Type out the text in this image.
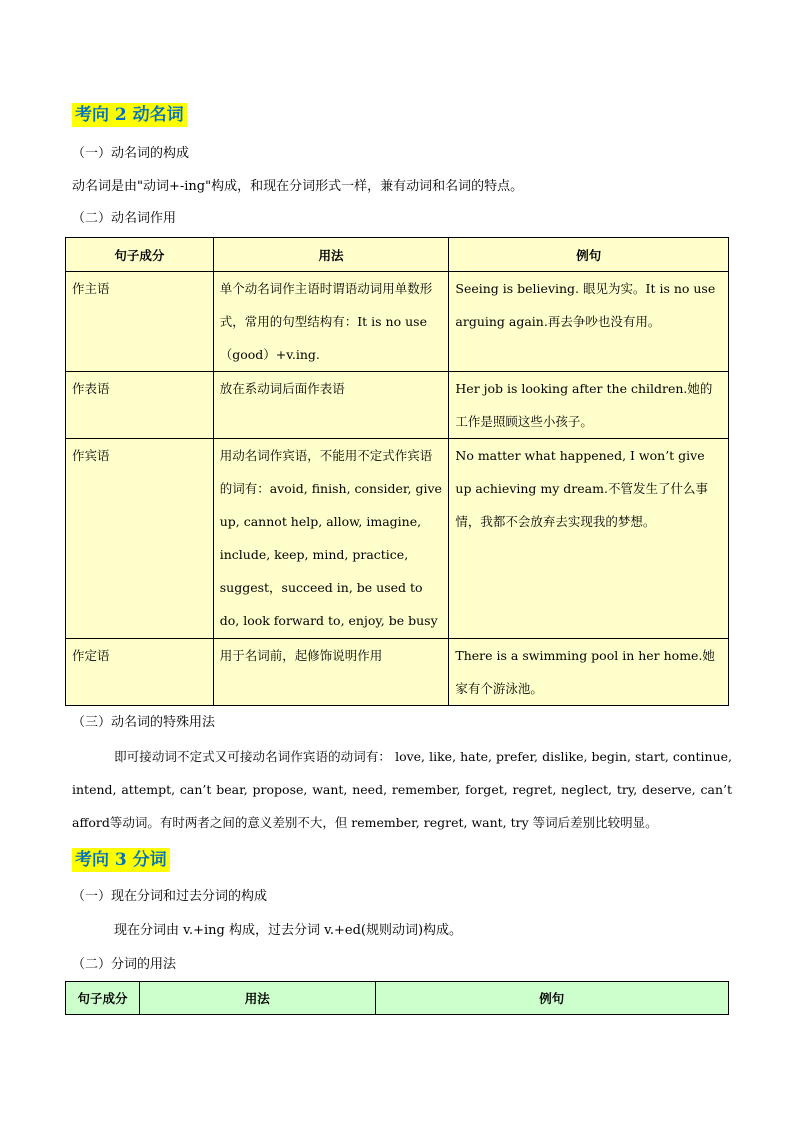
考向 2 动名词
（一）动名词的构成
动名词是由"动词+-ing"构成，和现在分词形式一样，兼有动词和名词的特点。
（二）动名词作用
句子成分	用法	例句
作主语	单个动名词作主语时谓语动词用单数形式，常用的句型结构有：It is no use（good）+v.ing.	Seeing is believing. 眼见为实。It is no use arguing again.再去争吵也没有用。
作表语	放在系动词后面作表语	Her job is looking after the children.她的工作是照顾这些小孩子。
作宾语	用动名词作宾语，不能用不定式作宾语的词有：avoid, finish, consider, give up, cannot help, allow, imagine, include, keep, mind, practice, suggest，succeed in, be used to do, look forward to, enjoy, be busy	No matter what happened, I won’t give up achieving my dream.不管发生了什么事情，我都不会放弃去实现我的梦想。
作定语	用于名词前，起修饰说明作用	There is a swimming pool in her home.她家有个游泳池。
（三）动名词的特殊用法
即可接动词不定式又可接动名词作宾语的动词有： love, like, hate, prefer, dislike, begin, start, continue, intend, attempt, can’t bear, propose, want, need, remember, forget, regret, neglect, try, deserve, can’t afford等动词。有时两者之间的意义差别不大，但 remember, regret, want, try 等词后差别比较明显。
考向 3 分词
（一）现在分词和过去分词的构成
现在分词由 v.+ing 构成，过去分词 v.+ed(规则动词)构成。
（二）分词的用法
句子成分	用法	例句
